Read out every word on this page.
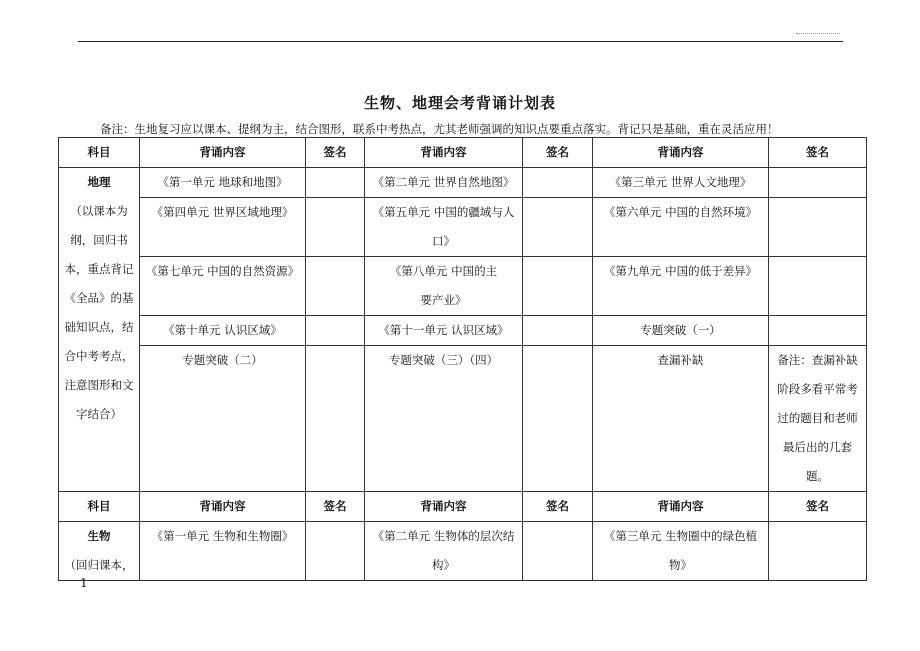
生物、地理会考背诵计划表
备注：生地复习应以课本、提纲为主，结合图形，联系中考热点，尤其老师强调的知识点要重点落实。背记只是基础，重在灵活应用！
科目	背诵内容	签名	背诵内容	签名	背诵内容	签名
地理
（以课本为纲，回归书本，重点背记《全品》的基础知识点，结合中考考点，注意图形和文字结合）	《第一单元 地球和地图》		《第二单元 世界自然地图》		《第三单元 世界人文地理》	
	《第四单元 世界区域地理》		《第五单元 中国的疆域与人口》		《第六单元 中国的自然环境》	
	《第七单元 中国的自然资源》		《第八单元 中国的主要产业》		《第九单元 中国的低于差异》	
	《第十单元 认识区域》		《第十一单元 认识区域》		专题突破（一）	
	专题突破（二）		专题突破（三）（四）		查漏补缺	备注：查漏补缺阶段多看平常考过的题目和老师最后出的几套题。
科目	背诵内容	签名	背诵内容	签名	背诵内容	签名
生物
（回归课本，	《第一单元 生物和生物圈》		《第二单元 生物体的层次结构》		《第三单元 生物圈中的绿色植物》	
1
